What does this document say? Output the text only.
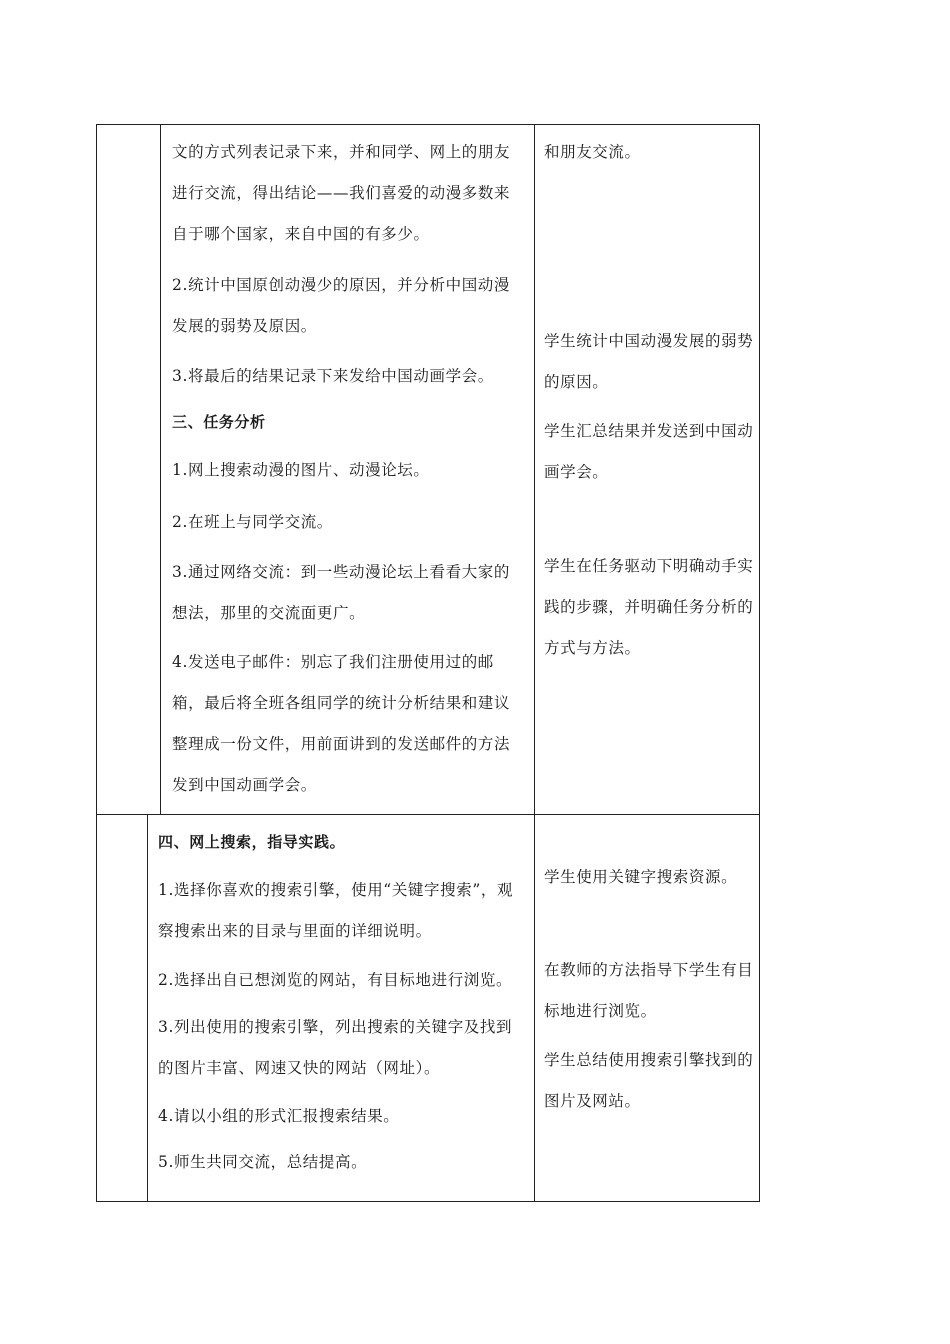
文的方式列表记录下来，并和同学、网上的朋友进行交流，得出结论——我们喜爱的动漫多数来自于哪个国家，来自中国的有多少。
2.统计中国原创动漫少的原因，并分析中国动漫发展的弱势及原因。
3.将最后的结果记录下来发给中国动画学会。
三、任务分析
1.网上搜索动漫的图片、动漫论坛。
2.在班上与同学交流。
3.通过网络交流：到一些动漫论坛上看看大家的想法，那里的交流面更广。
4.发送电子邮件：别忘了我们注册使用过的邮箱，最后将全班各组同学的统计分析结果和建议整理成一份文件，用前面讲到的发送邮件的方法发到中国动画学会。
和朋友交流。
学生统计中国动漫发展的弱势的原因。
学生汇总结果并发送到中国动画学会。
学生在任务驱动下明确动手实践的步骤，并明确任务分析的方式与方法。
四、网上搜索，指导实践。
1.选择你喜欢的搜索引擎，使用“关键字搜索”，观察搜索出来的目录与里面的详细说明。
2.选择出自已想浏览的网站，有目标地进行浏览。
3.列出使用的搜索引擎，列出搜索的关键字及找到的图片丰富、网速又快的网站（网址）。
4.请以小组的形式汇报搜索结果。
5.师生共同交流，总结提高。
学生使用关键字搜索资源。
在教师的方法指导下学生有目标地进行浏览。
学生总结使用搜索引擎找到的图片及网站。
